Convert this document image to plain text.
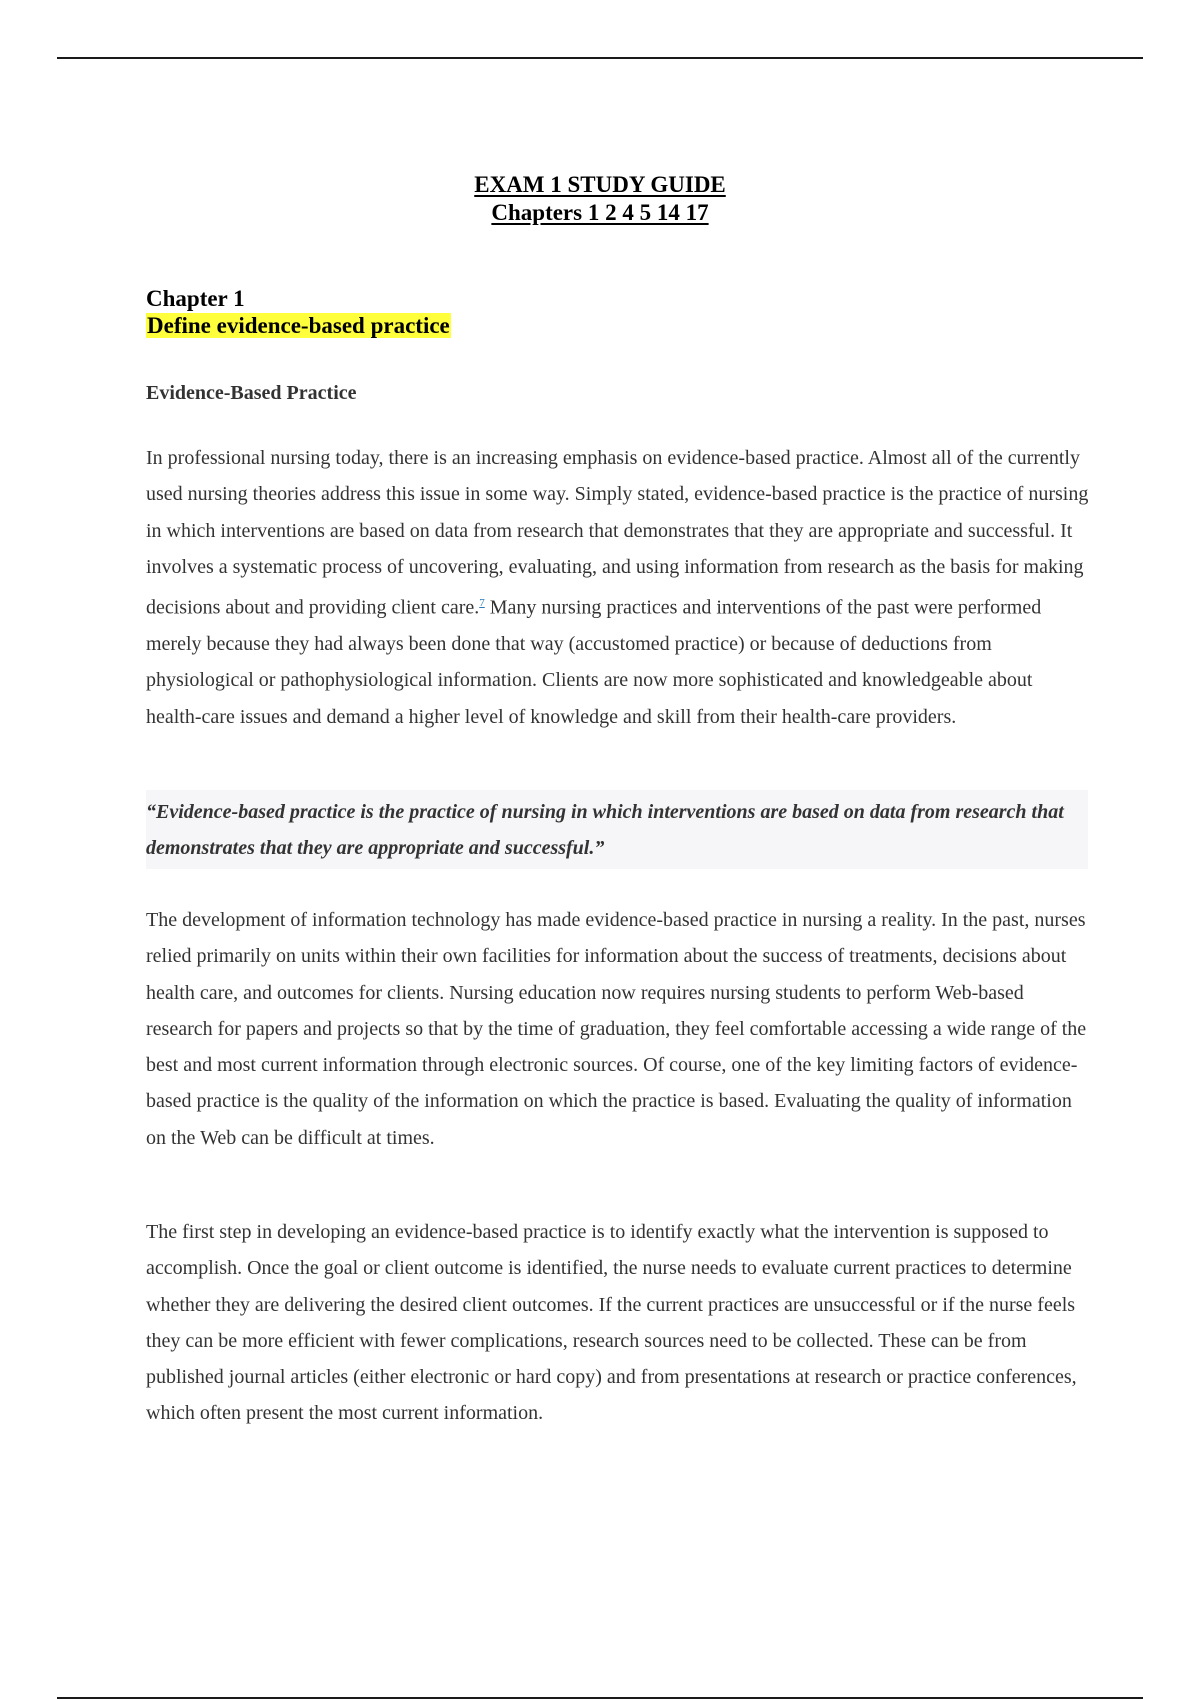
EXAM 1 STUDY GUIDE
Chapters 1 2 4 5 14 17
Chapter 1
Define evidence-based practice
Evidence-Based Practice

In professional nursing today, there is an increasing emphasis on evidence-based practice. Almost all of the currently used nursing theories address this issue in some way. Simply stated, evidence-based practice is the practice of nursing in which interventions are based on data from research that demonstrates that they are appropriate and successful. It involves a systematic process of uncovering, evaluating, and using information from research as the basis for making decisions about and providing client care.$^7$ Many nursing practices and interventions of the past were performed merely because they had always been done that way (accustomed practice) or because of deductions from physiological or pathophysiological information. Clients are now more sophisticated and knowledgeable about health-care issues and demand a higher level of knowledge and skill from their health-care providers.

“Evidence-based practice is the practice of nursing in which interventions are based on data from research that demonstrates that they are appropriate and successful.”

The development of information technology has made evidence-based practice in nursing a reality. In the past, nurses relied primarily on units within their own facilities for information about the success of treatments, decisions about health care, and outcomes for clients. Nursing education now requires nursing students to perform Web-based research for papers and projects so that by the time of graduation, they feel comfortable accessing a wide range of the best and most current information through electronic sources. Of course, one of the key limiting factors of evidence-based practice is the quality of the information on which the practice is based. Evaluating the quality of information on the Web can be difficult at times.

The first step in developing an evidence-based practice is to identify exactly what the intervention is supposed to accomplish. Once the goal or client outcome is identified, the nurse needs to evaluate current practices to determine whether they are delivering the desired client outcomes. If the current practices are unsuccessful or if the nurse feels they can be more efficient with fewer complications, research sources need to be collected. These can be from published journal articles (either electronic or hard copy) and from presentations at research or practice conferences, which often present the most current information.
